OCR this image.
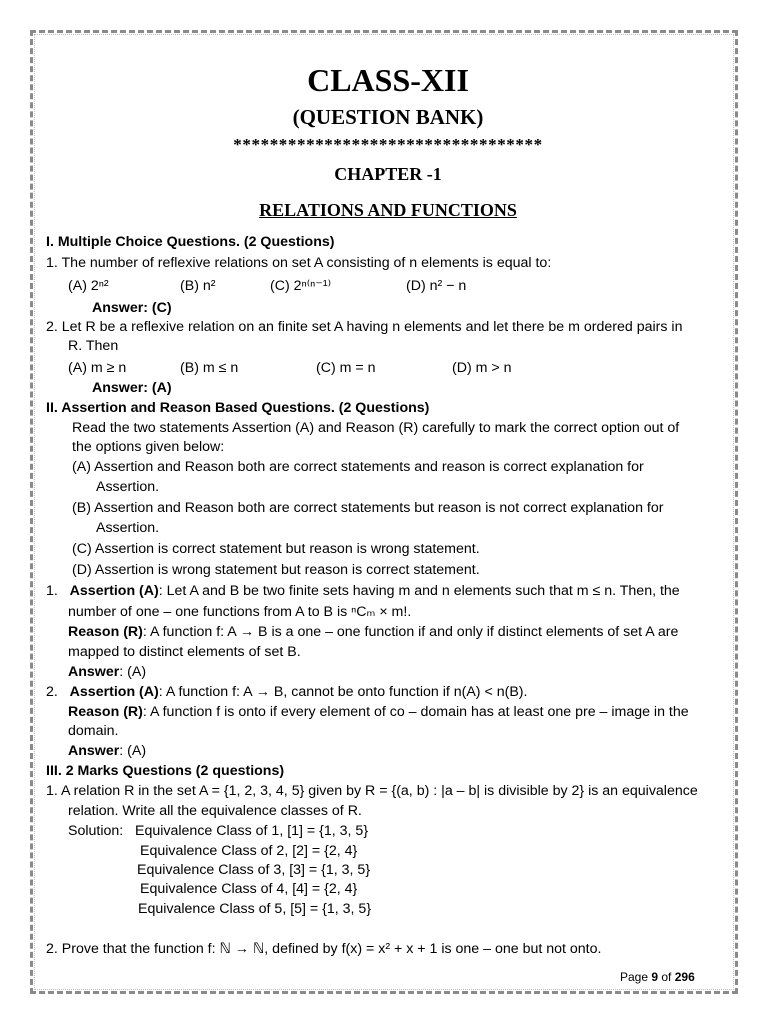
CLASS-XII
(QUESTION BANK)
**********************************
CHAPTER -1
RELATIONS AND FUNCTIONS
I. Multiple Choice Questions. (2 Questions)
1. The number of reflexive relations on set A consisting of n elements is equal to:
(A) 2ⁿ²	(B) n²	(C) 2ⁿ⁽ⁿ⁻¹⁾	(D) n² − n
Answer: (C)
2. Let R be a reflexive relation on an finite set A having n elements and let there be m ordered pairs in
R. Then
(A) m ≥ n	(B) m ≤ n	(C) m = n	(D) m > n
Answer: (A)
II. Assertion and Reason Based Questions. (2 Questions)
Read the two statements Assertion (A) and Reason (R) carefully to mark the correct option out of
the options given below:
(A) Assertion and Reason both are correct statements and reason is correct explanation for
Assertion.
(B) Assertion and Reason both are correct statements but reason is not correct explanation for
Assertion.
(C) Assertion is correct statement but reason is wrong statement.
(D) Assertion is wrong statement but reason is correct statement.
1. Assertion (A): Let A and B be two finite sets having m and n elements such that m ≤ n. Then, the
number of one – one functions from A to B is ⁿCₘ × m!.
Reason (R): A function f: A → B is a one – one function if and only if distinct elements of set A are
mapped to distinct elements of set B.
Answer: (A)
2. Assertion (A): A function f: A → B, cannot be onto function if n(A) < n(B).
Reason (R): A function f is onto if every element of co – domain has at least one pre – image in the
domain.
Answer: (A)
III. 2 Marks Questions (2 questions)
1. A relation R in the set A = {1, 2, 3, 4, 5} given by R = {(a, b) : |a – b| is divisible by 2} is an equivalence
relation. Write all the equivalence classes of R.
Solution: Equivalence Class of 1, [1] = {1, 3, 5}
Equivalence Class of 2, [2] = {2, 4}
Equivalence Class of 3, [3] = {1, 3, 5}
Equivalence Class of 4, [4] = {2, 4}
Equivalence Class of 5, [5] = {1, 3, 5}
2. Prove that the function f: ℕ → ℕ, defined by f(x) = x² + x + 1 is one – one but not onto.
Page 9 of 296
